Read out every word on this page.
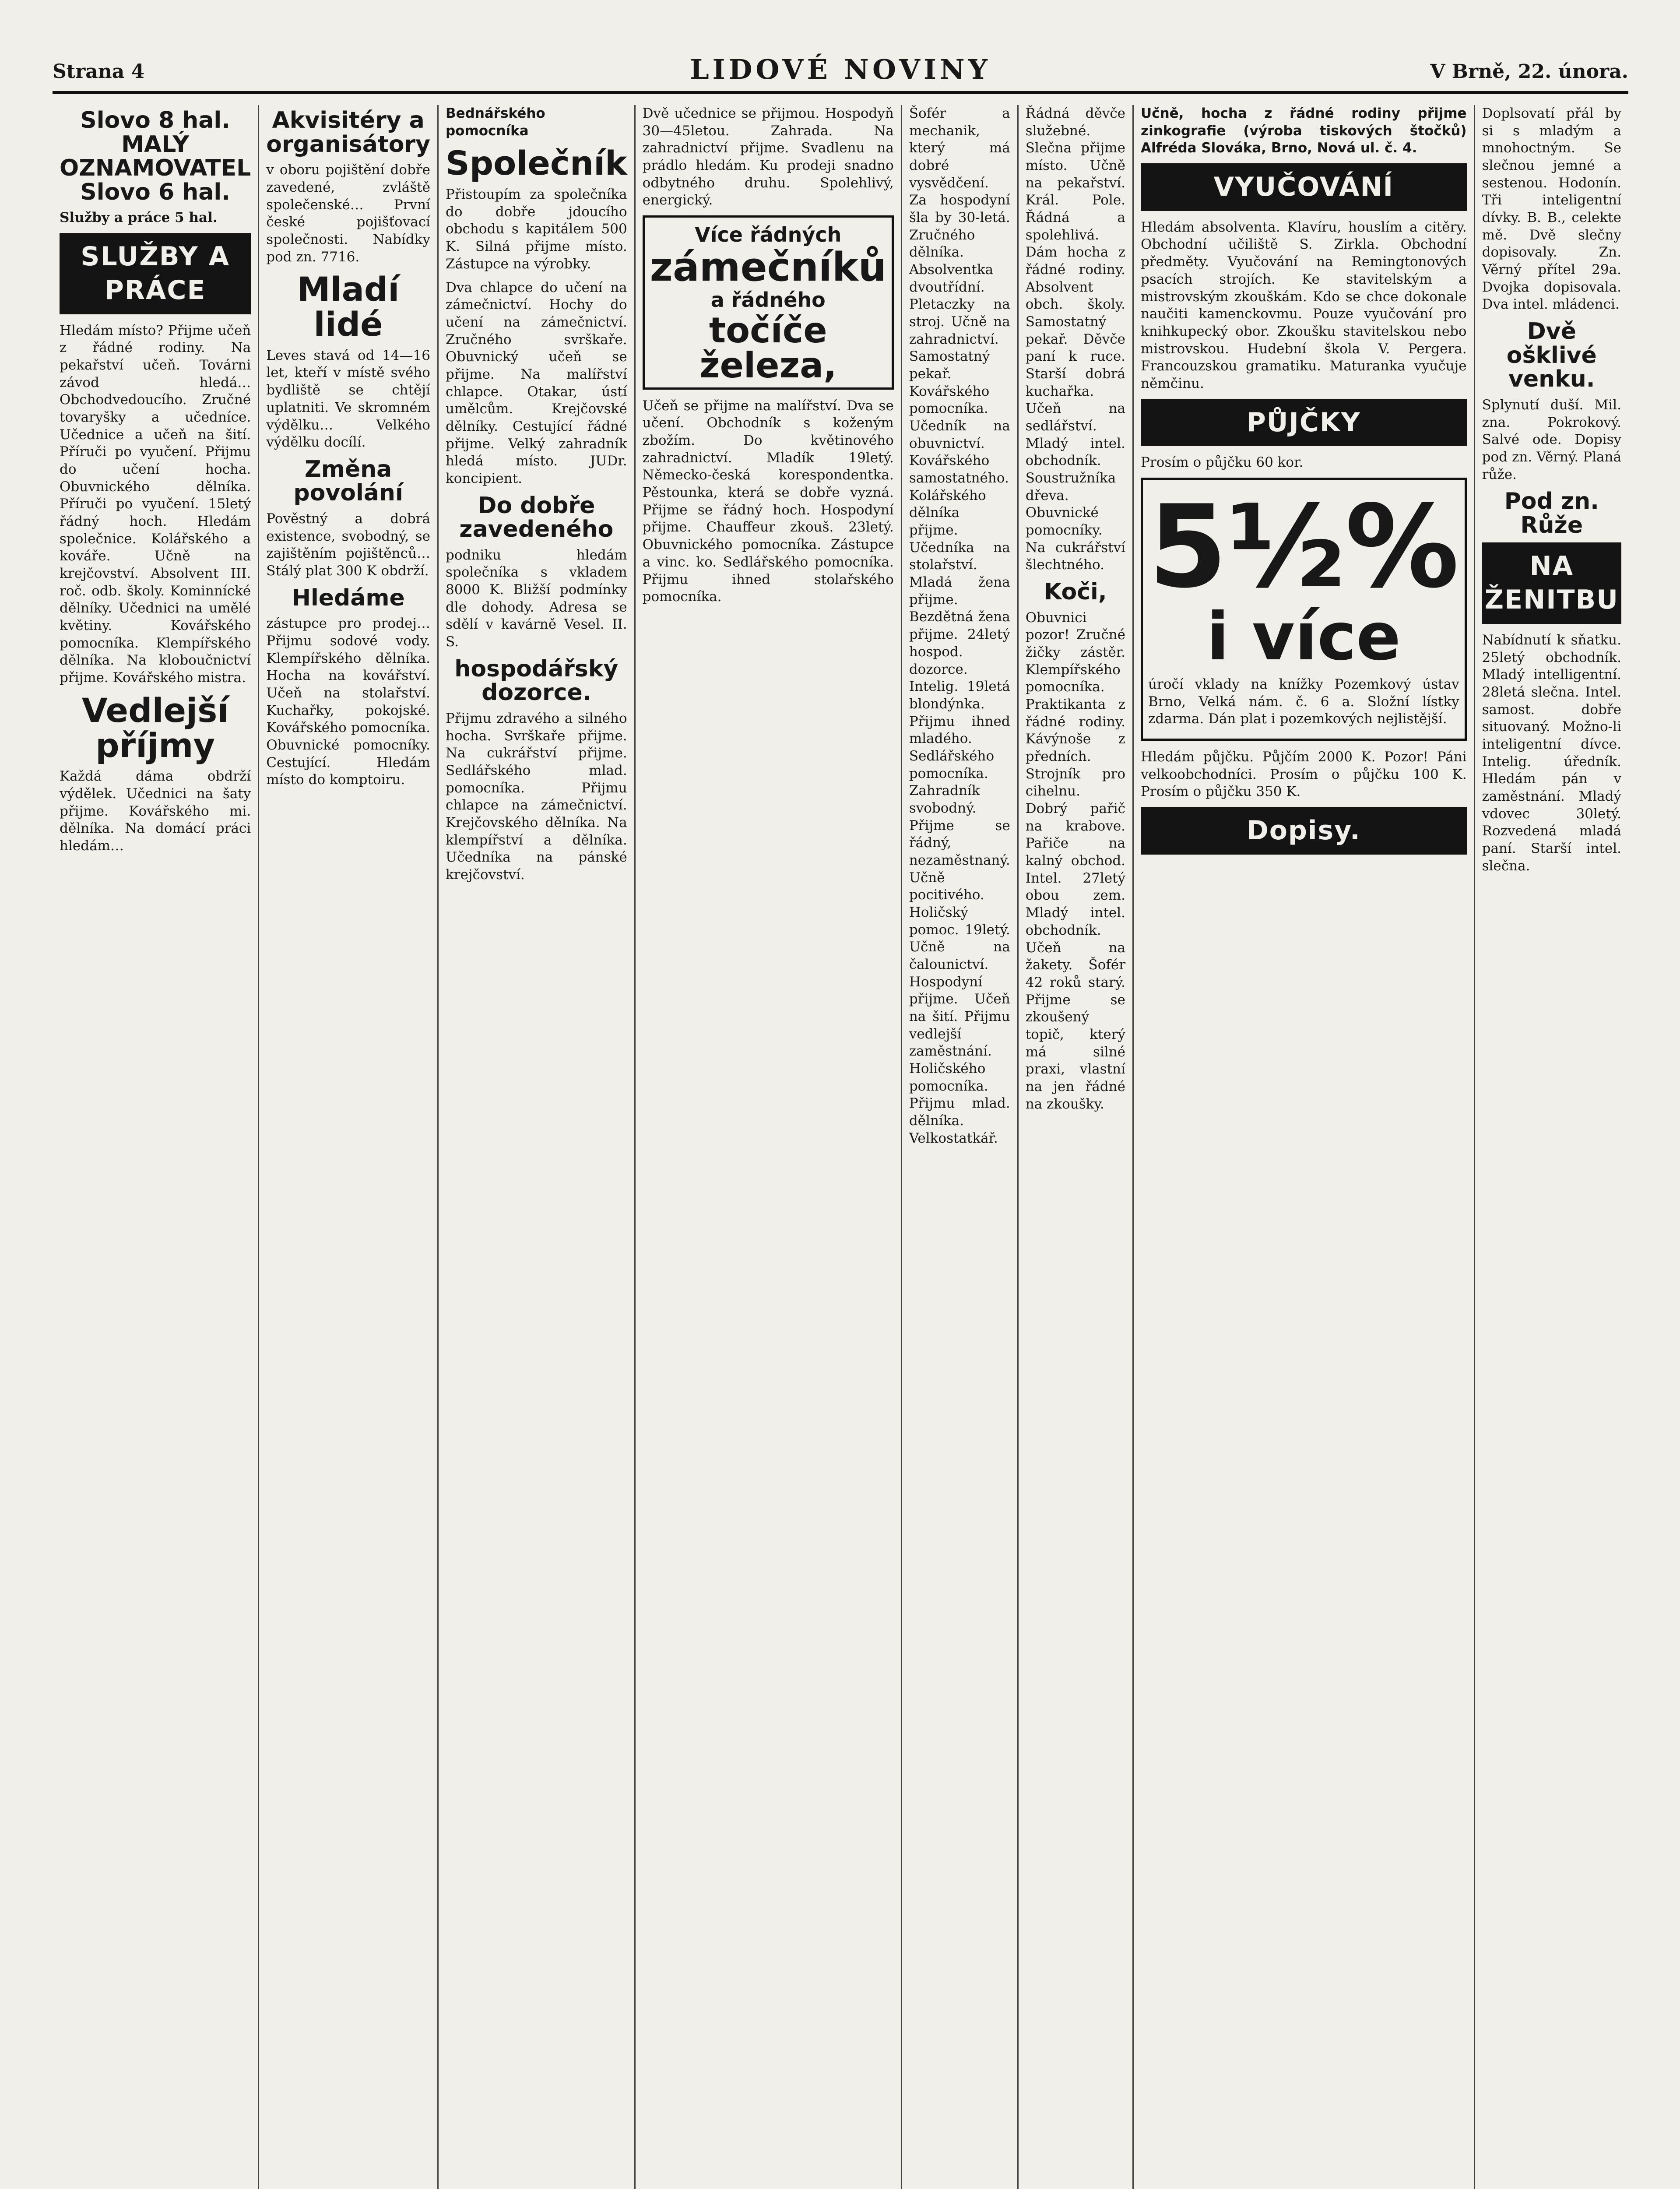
Strana 4	LIDOVÉ NOVINY	V Brně, 22. února.
Slovo 8 hal. MALÝ OZNAMOVATEL Slovo 6 hal.

Služby a práce 5 hal.

SLUŽBY A PRÁCE

Hledám místo? Přijme učeň z řádné rodiny. Na pekařství učeň. Továrni závod hledá… Obchodvedoucího. Zručné tovaryšky a učedníce. Učednice a učeň na šití. Příruči po vyučení. Přijmu do učení hocha. Obuvnického dělníka. Příruči po vyučení. 15letý řádný hoch. Hledám společnice. Kolářského a kováře. Učně na krejčovství. Absolvent III. roč. odb. školy. Kominnícké dělníky. Učednici na umělé květiny. Kovářského pomocníka. Klempířského dělníka. Na kloboučnictví přijme. Kovářského mistra.

Vedlejší příjmy

Každá dáma obdrží výdělek. Učednici na šaty přijme. Kovářského mi. dělníka. Na domácí práci hledám…

Akvisitéry a organisátory

v oboru pojištění dobře zavedené, zvláště společenské… První české pojišťovací společnosti. Nabídky pod zn. 7716.

Mladí lidé

Leves stavá od 14—16 let, kteří v místě svého bydliště se chtějí uplatniti. Ve skromném výdělku… Velkého výdělku docílí.

Změna povolání

Pověstný a dobrá existence, svobodný, se zajištěním pojištěnců… Stálý plat 300 K obdrží.

Hledáme

zástupce pro prodej… Přijmu sodové vody. Klempířského dělníka. Hocha na kovářství. Učeň na stolařství. Kuchařky, pokojské. Kovářského pomocníka. Obuvnické pomocníky. Cestující. Hledám místo do komptoiru.

Bednářského pomocníka

Společník

Přistoupím za společníka do dobře jdoucího obchodu s kapitálem 500 K. Silná přijme místo. Zástupce na výrobky.

Dva chlapce do učení na zámečnictví. Hochy do učení na zámečnictví. Zručného svrškaře. Obuvnický učeň se přijme. Na malířství chlapce. Otakar, ústí umělcům. Krejčovské dělníky. Cestující řádné přijme. Velký zahradník hledá místo. JUDr. koncipient.

Do dobře zavedeného

podniku hledám společníka s vkladem 8000 K. Bližší podmínky dle dohody. Adresa se sdělí v kavárně Vesel. II. S.

hospodářský dozorce.

Přijmu zdravého a silného hocha. Svrškaře přijme. Na cukrářství přijme. Sedlářského mlad. pomocníka. Přijmu chlapce na zámečnictví. Krejčovského dělníka. Na klempířství a dělníka. Učedníka na pánské krejčovství.

Dvě učednice se přijmou. Hospodyň 30—45letou. Zahrada. Na zahradnictví přijme. Svadlenu na prádlo hledám. Ku prodeji snadno odbytného druhu. Spolehlivý, energický.

Více řádných
zámečníků
a řádného
točíče železa,

Učeň se přijme na malířství. Dva se učení. Obchodník s koženým zbožím. Do květinového zahradnictví. Mladík 19letý. Německo-česká korespondentka. Pěstounka, která se dobře vyzná. Přijme se řádný hoch. Hospodyní přijme. Chauffeur zkouš. 23letý. Obuvnického pomocníka. Zástupce a vinc. ko. Sedlářského pomocníka. Přijmu ihned stolařského pomocníka.

Šofér a mechanik, který má dobré vysvědčení. Za hospodyní šla by 30-letá. Zručného dělníka. Absolventka dvoutřídní. Pletaczky na stroj. Učně na zahradnictví. Samostatný pekař. Kovářského pomocníka. Učedník na obuvnictví. Kovářského samostatného. Kolářského dělníka přijme. Učedníka na stolařství. Mladá žena přijme. Bezdětná žena přijme. 24letý hospod. dozorce. Intelig. 19letá blondýnka. Přijmu ihned mladého. Sedlářského pomocníka. Zahradník svobodný. Přijme se řádný, nezaměstnaný. Učně pocitivého. Holičský pomoc. 19letý. Učně na čalounictví. Hospodyní přijme. Učeň na šití. Přijmu vedlejší zaměstnání. Holičského pomocníka. Přijmu mlad. dělníka. Velkostatkář.

Řádná děvče služebné. Slečna přijme místo. Učně na pekařství. Král. Pole. Řádná a spolehlivá. Dám hocha z řádné rodiny. Absolvent obch. školy. Samostatný pekař. Děvče paní k ruce. Starší dobrá kuchařka. Učeň na sedlářství. Mladý intel. obchodník. Soustružníka dřeva. Obuvnické pomocníky. Na cukrářství šlechtného.

Koči,

Obuvnici pozor! Zručné žičky zástěr. Klempířského pomocníka. Praktikanta z řádné rodiny. Kávýnoše z předních. Strojník pro cihelnu. Dobrý pařič na krabove. Pařiče na kalný obchod. Intel. 27letý obou zem. Mladý intel. obchodník. Učeň na žakety. Šofér 42 roků starý. Přijme se zkoušený topič, který má silné praxi, vlastní na jen řádné na zkoušky.

Učně, hocha z řádné rodiny přijme zinkografie (výroba tiskových štočků) Alfréda Slováka, Brno, Nová ul. č. 4.

VYUČOVÁNÍ

Hledám absolventa. Klavíru, houslím a citěry. Obchodní učiliště S. Zirkla. Obchodní předměty. Vyučování na Remingtonových psacích strojích. Ke stavitelským a mistrovským zkouškám. Kdo se chce dokonale naučiti kamenckovmu. Pouze vyučování pro knihkupecký obor. Zkoušku stavitelskou nebo mistrovskou. Hudební škola V. Pergera. Francouzskou gramatiku. Maturanka vyučuje němčinu.

PŮJČKY

Prosím o půjčku 60 kor.

5½%
i více

úročí vklady na knížky Pozemkový ústav Brno, Velká nám. č. 6 a. Složní lístky zdarma. Dán plat i pozemkových nejlistější.

Hledám půjčku. Půjčím 2000 K. Pozor! Páni velkoobchodníci. Prosím o půjčku 100 K. Prosím o půjčku 350 K.

Dopisy.

Doplsovatí přál by si s mladým a mnohoctným. Se slečnou jemné a sestenou. Hodonín. Tři inteligentní dívky. B. B., celekte mě. Dvě slečny dopisovaly. Zn. Věrný přítel 29a. Dvojka dopisovala. Dva intel. mládenci.

Dvě ošklivé venku.

Splynutí duší. Mil. zna. Pokrokový. Salvé ode. Dopisy pod zn. Věrný. Planá růže.

Pod zn. Růže
NA ŽENITBU

Nabídnutí k sňatku. 25letý obchodník. Mladý intelligentní. 28letá slečna. Intel. samost. dobře situovaný. Možno-li inteligentní dívce. Intelig. úředník. Hledám pán v zaměstnání. Mladý vdovec 30letý. Rozvedená mladá paní. Starší intel. slečna.
